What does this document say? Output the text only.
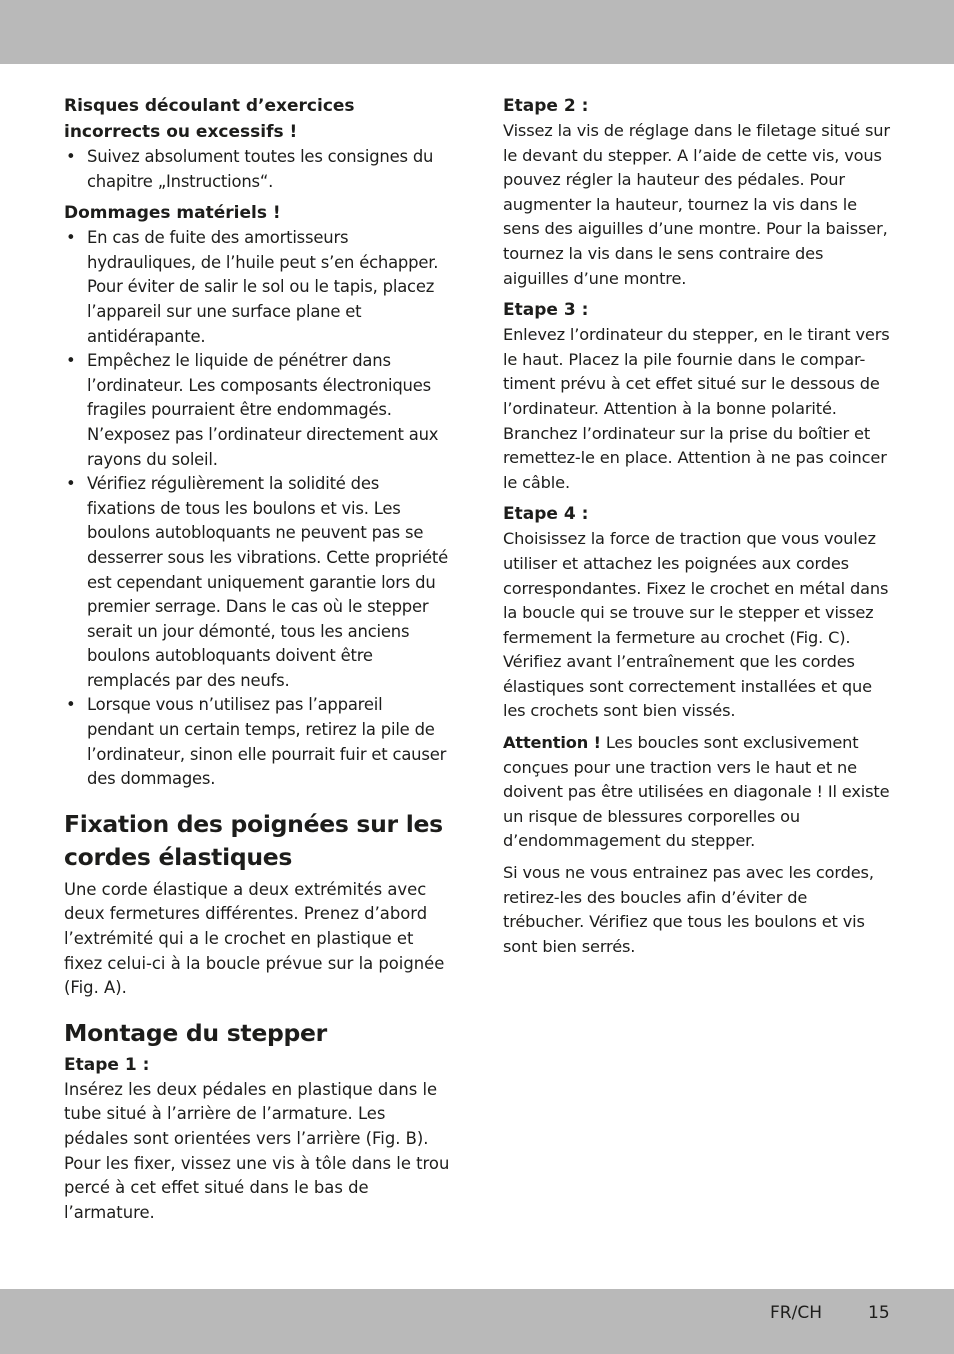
Risques découlant d’exercices incorrects ou excessifs !

• Suivez absolument toutes les consignes du chapitre „Instructions“.

Dommages matériels !

• En cas de fuite des amortisseurs hydrauliques, de l’huile peut s’en échapper. Pour éviter de salir le sol ou le tapis, placez l’appareil sur une surface plane et antidérapante.
• Empêchez le liquide de pénétrer dans l’ordinateur. Les composants électroniques fragiles pourraient être endommagés. N’exposez pas l’ordinateur directement aux rayons du soleil.
• Vérifiez régulièrement la solidité des fixations de tous les boulons et vis. Les boulons autobloquants ne peuvent pas se desserrer sous les vibrations. Cette propriété est cependant uniquement garantie lors du premier serrage. Dans le cas où le stepper serait un jour démonté, tous les anciens boulons autobloquants doivent être remplacés par des neufs.
• Lorsque vous n’utilisez pas l’appareil pendant un certain temps, retirez la pile de l’ordinateur, sinon elle pourrait fuir et causer des dommages.
Fixation des poignées sur les cordes élastiques

Une corde élastique a deux extrémités avec deux fermetures différentes. Prenez d’abord l’extrémité qui a le crochet en plastique et fixez celui-ci à la boucle prévue sur la poignée (Fig. A).

Montage du stepper

Etape 1 :

Insérez les deux pédales en plastique dans le tube situé à l’arrière de l’armature. Les pédales sont orientées vers l’arrière (Fig. B). Pour les fixer, vissez une vis à tôle dans le trou percé à cet effet situé dans le bas de l’armature.

Etape 2 :

Vissez la vis de réglage dans le filetage situé sur le devant du stepper. A l’aide de cette vis, vous pouvez régler la hauteur des pédales. Pour augmenter la hauteur, tournez la vis dans le sens des aiguilles d’une montre. Pour la baisser, tournez la vis dans le sens contraire des aiguilles d’une montre.

Etape 3 :

Enlevez l’ordinateur du stepper, en le tirant vers le haut. Placez la pile fournie dans le compar-timent prévu à cet effet situé sur le dessous de l’ordinateur. Attention à la bonne polarité. Branchez l’ordinateur sur la prise du boîtier et remettez-le en place. Attention à ne pas coincer le câble.

Etape 4 :

Choisissez la force de traction que vous voulez utiliser et attachez les poignées aux cordes correspondantes. Fixez le crochet en métal dans la boucle qui se trouve sur le stepper et vissez fermement la fermeture au crochet (Fig. C). Vérifiez avant l’entraînement que les cordes élastiques sont correctement installées et que les crochets sont bien vissés.

Attention ! Les boucles sont exclusivement conçues pour une traction vers le haut et ne doivent pas être utilisées en diagonale ! Il existe un risque de blessures corporelles ou d’endommagement du stepper.

Si vous ne vous entrainez pas avec les cordes, retirez-les des boucles afin d’éviter de trébucher. Vérifiez que tous les boulons et vis sont bien serrés.

FR/CH	15
